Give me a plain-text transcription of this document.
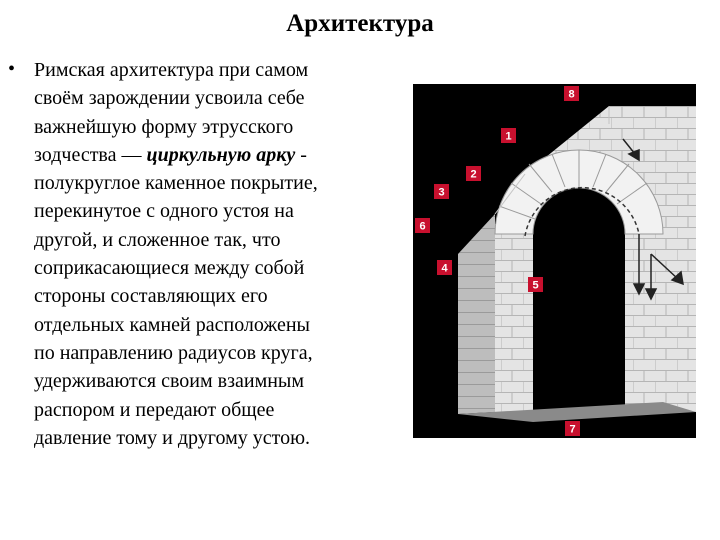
Архитектура
• Римская архитектура при самом
своём зарождении усвоила себе
важнейшую форму этрусского
зодчества — циркульную арку -
полукруглое каменное покрытие,
перекинутое с одного устоя на
другой, и сложенное так, что
соприкасающиеся между собой
стороны составляющих его
отдельных камней расположены
по направлению радиусов круга,
удерживаются своим взаимным
распором и передают общее
давление тому и другому устою.
1
2
3
4
5
6
7
8
